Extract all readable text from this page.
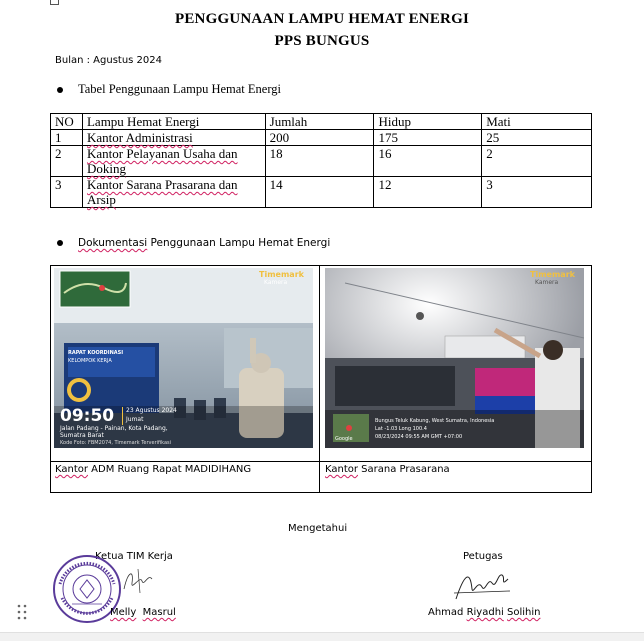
PENGGUNAAN LAMPU HEMAT ENERGI
PPS BUNGUS
Bulan : Agustus 2024
Tabel Penggunaan Lampu Hemat Energi
NO	Lampu Hemat Energi	Jumlah	Hidup	Mati
1	Kantor Administrasi	200	175	25
2	Kantor Pelayanan Usaha dan Doking	18	16	2
3	Kantor Sarana Prasarana dan Arsip	14	12	3
Dokumentasi Penggunaan Lampu Hemat Energi
Timemark
Kamera
RAPAT KOORDINASI
KELOMPOK KERJA
09:50 23 Agustus 2024
Jumat
Jalan Padang - Painan, Kota Padang,
Sumatra Barat
Kode Foto: FBM2074, Timemark Terverifikasi
Timemark
Kamera
Bungus Teluk Kabung, West Sumatra, Indonesia
Lat -1.03 Long 100.4
08/23/2024 09:55 AM GMT +07:00
Google
Kantor ADM Ruang Rapat MADIDIHANG	Kantor Sarana Prasarana
Mengetahui
Ketua TIM Kerja	Petugas
Melly Masrul	Ahmad Riyadhi Solihin
